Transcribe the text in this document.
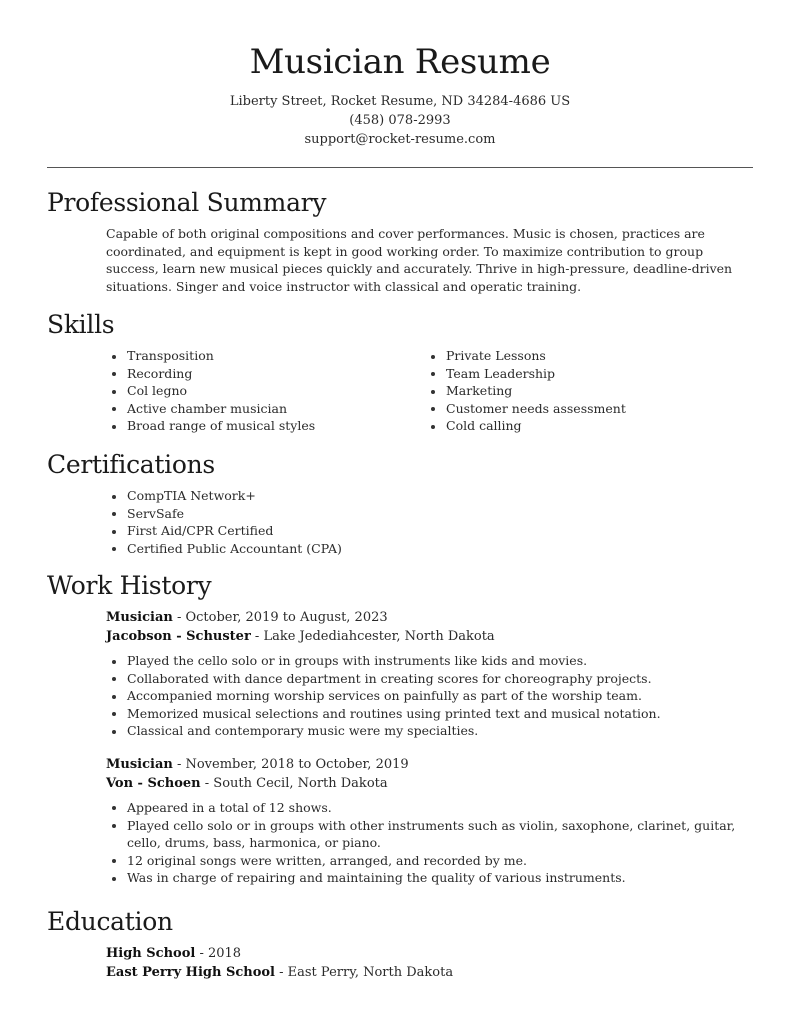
Musician Resume
Liberty Street, Rocket Resume, ND 34284-4686 US
(458) 078-2993
support@rocket-resume.com
Professional Summary
Capable of both original compositions and cover performances. Music is chosen, practices are coordinated, and equipment is kept in good working order. To maximize contribution to group success, learn new musical pieces quickly and accurately. Thrive in high-pressure, deadline-driven situations. Singer and voice instructor with classical and operatic training.
Skills
Transposition
Recording
Col legno
Active chamber musician
Broad range of musical styles
Private Lessons
Team Leadership
Marketing
Customer needs assessment
Cold calling
Certifications
CompTIA Network+
ServSafe
First Aid/CPR Certified
Certified Public Accountant (CPA)
Work History
Musician - October, 2019 to August, 2023
Jacobson - Schuster - Lake Jedediahcester, North Dakota
Played the cello solo or in groups with instruments like kids and movies.
Collaborated with dance department in creating scores for choreography projects.
Accompanied morning worship services on painfully as part of the worship team.
Memorized musical selections and routines using printed text and musical notation.
Classical and contemporary music were my specialties.
Musician - November, 2018 to October, 2019
Von - Schoen - South Cecil, North Dakota
Appeared in a total of 12 shows.
Played cello solo or in groups with other instruments such as violin, saxophone, clarinet, guitar, cello, drums, bass, harmonica, or piano.
12 original songs were written, arranged, and recorded by me.
Was in charge of repairing and maintaining the quality of various instruments.
Education
High School - 2018
East Perry High School - East Perry, North Dakota
